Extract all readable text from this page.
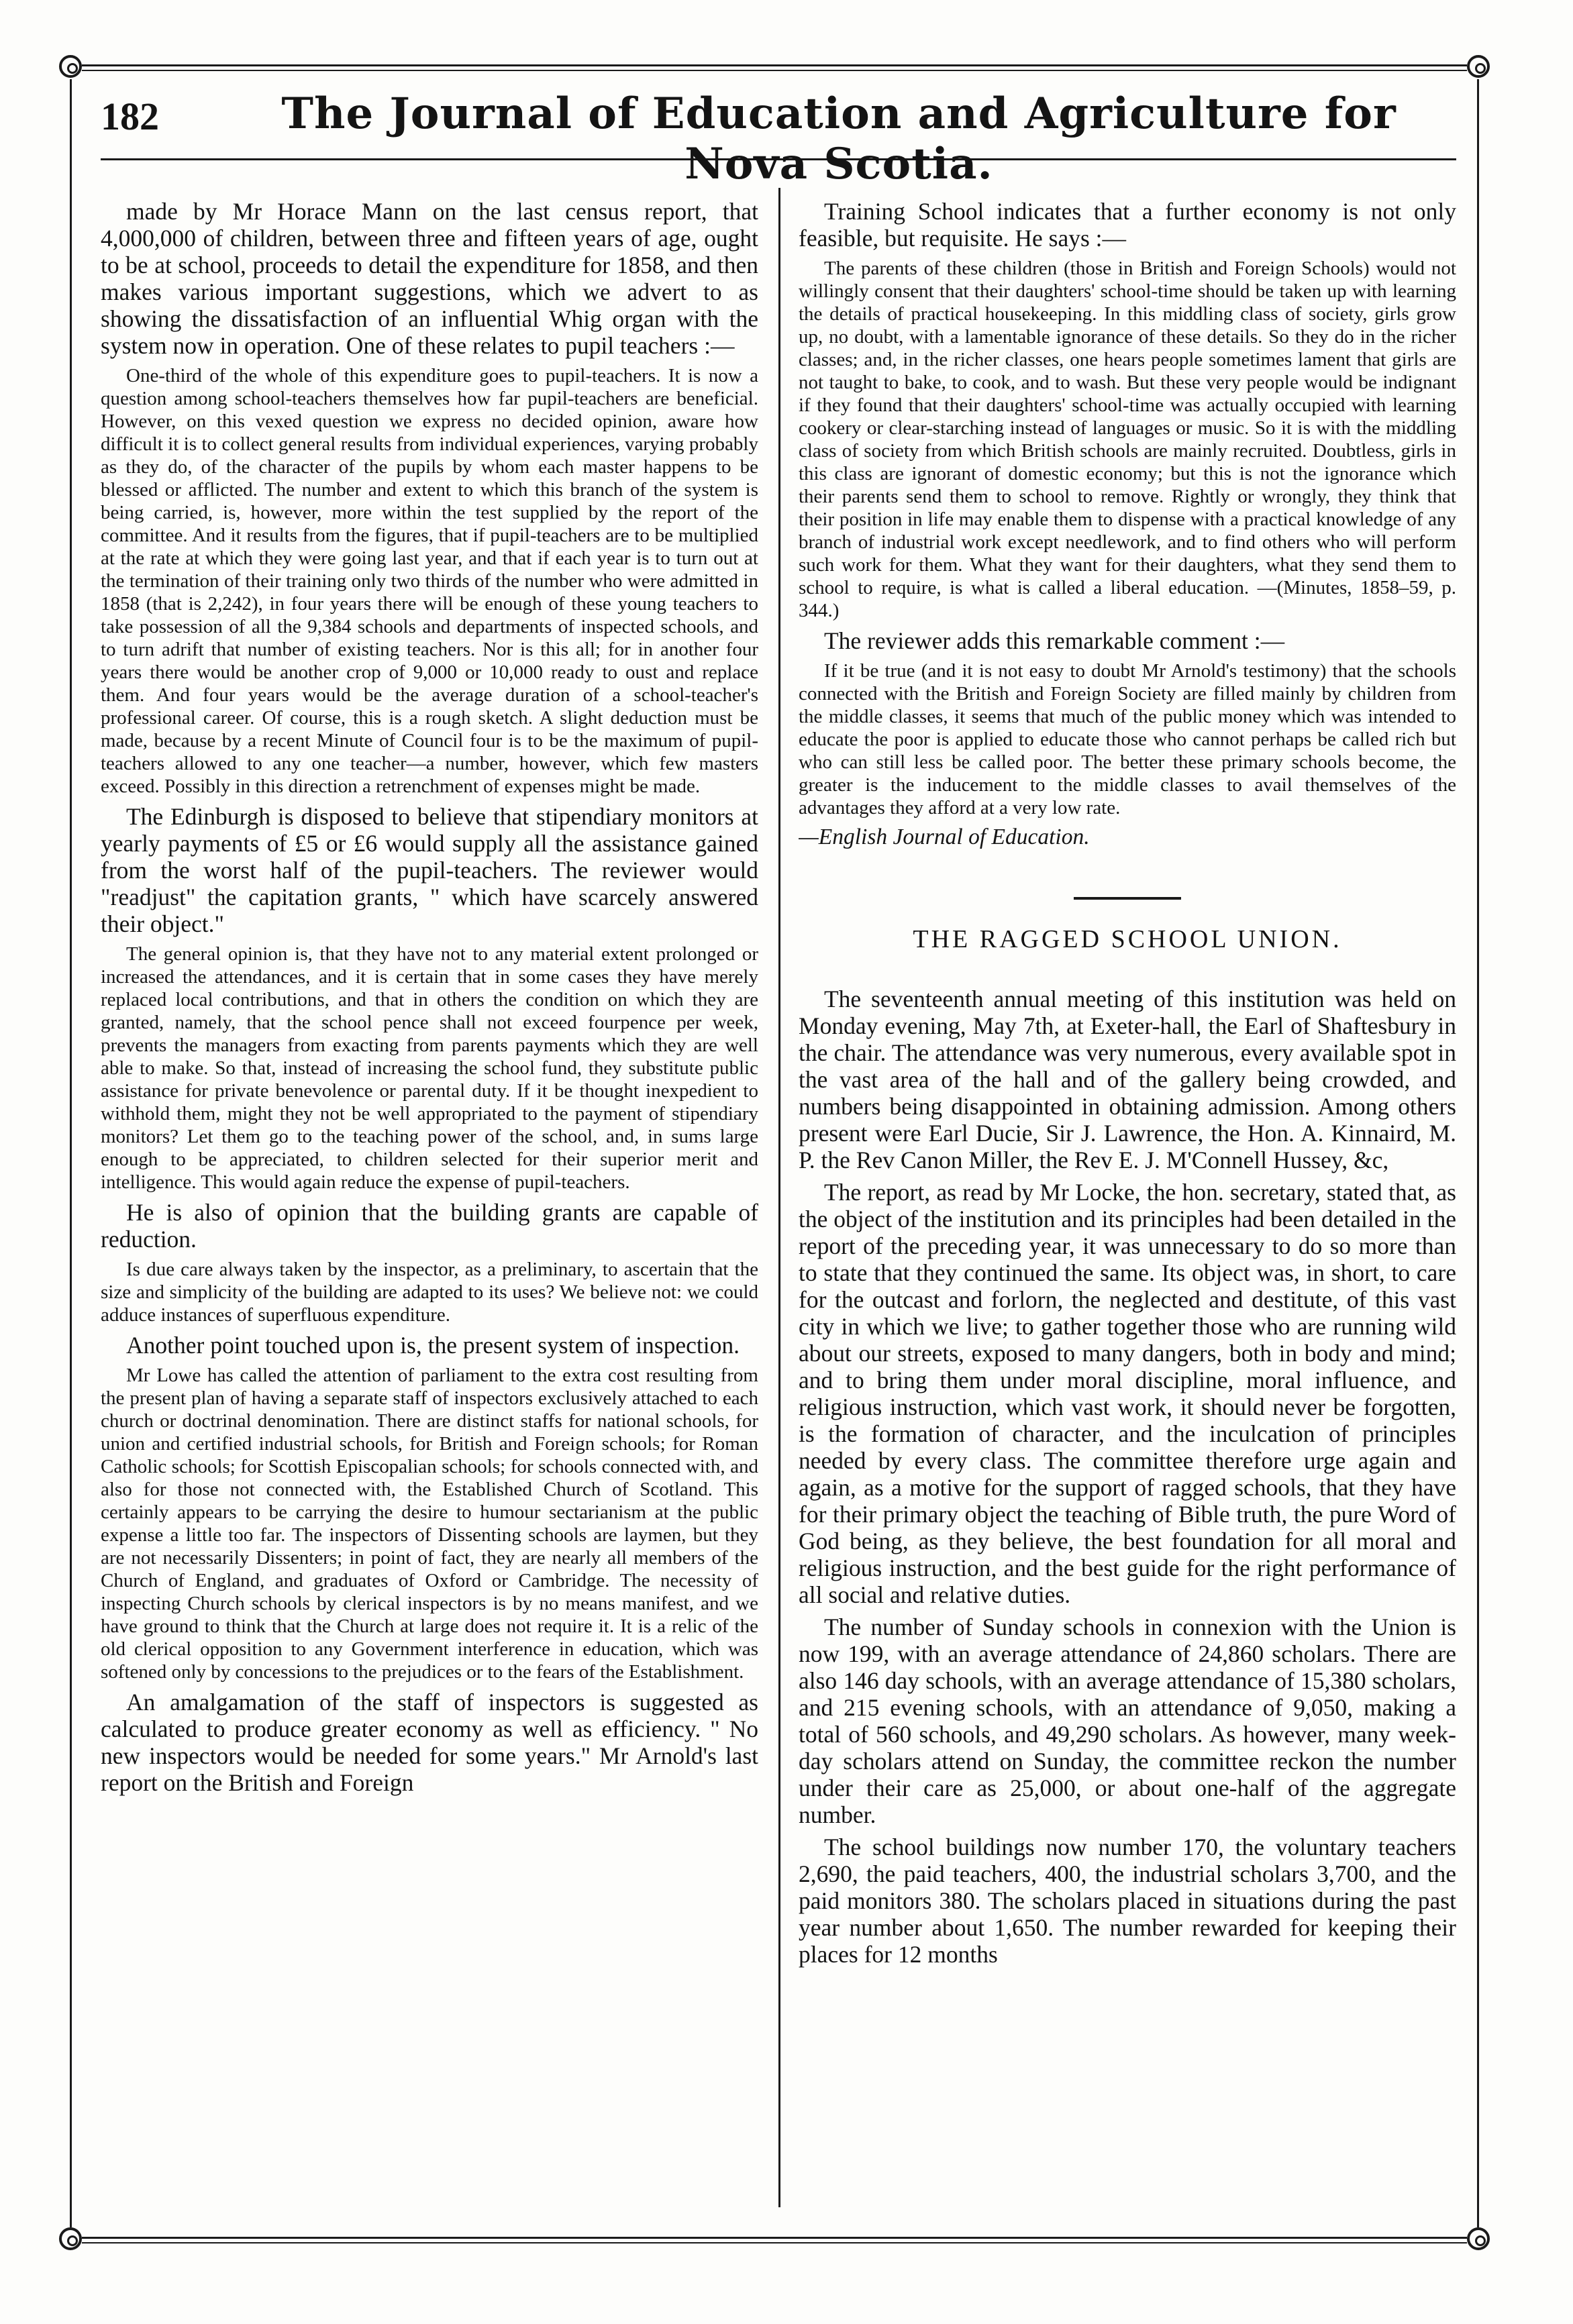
182	The Journal of Education and Agriculture for Nova Scotia.

made by Mr Horace Mann on the last census report, that 4,000,000 of children, between three and fifteen years of age, ought to be at school, proceeds to detail the expenditure for 1858, and then makes various important suggestions, which we advert to as showing the dissatisfaction of an influential Whig organ with the system now in operation. One of these relates to pupil teachers :—

One-third of the whole of this expenditure goes to pupil-teachers. It is now a question among school-teachers themselves how far pupil-teachers are beneficial. However, on this vexed question we express no decided opinion, aware how difficult it is to collect general results from individual experiences, varying probably as they do, of the character of the pupils by whom each master happens to be blessed or afflicted. The number and extent to which this branch of the system is being carried, is, however, more within the test supplied by the report of the committee. And it results from the figures, that if pupil-teachers are to be multiplied at the rate at which they were going last year, and that if each year is to turn out at the termination of their training only two thirds of the number who were admitted in 1858 (that is 2,242), in four years there will be enough of these young teachers to take possession of all the 9,384 schools and departments of inspected schools, and to turn adrift that number of existing teachers. Nor is this all; for in another four years there would be another crop of 9,000 or 10,000 ready to oust and replace them. And four years would be the average duration of a school-teacher's professional career. Of course, this is a rough sketch. A slight deduction must be made, because by a recent Minute of Council four is to be the maximum of pupil-teachers allowed to any one teacher—a number, however, which few masters exceed. Possibly in this direction a retrenchment of expenses might be made.

The Edinburgh is disposed to believe that stipendiary monitors at yearly payments of £5 or £6 would supply all the assistance gained from the worst half of the pupil-teachers. The reviewer would "readjust" the capitation grants, " which have scarcely answered their object."

The general opinion is, that they have not to any material extent prolonged or increased the attendances, and it is certain that in some cases they have merely replaced local contributions, and that in others the condition on which they are granted, namely, that the school pence shall not exceed fourpence per week, prevents the managers from exacting from parents payments which they are well able to make. So that, instead of increasing the school fund, they substitute public assistance for private benevolence or parental duty. If it be thought inexpedient to withhold them, might they not be well appropriated to the payment of stipendiary monitors? Let them go to the teaching power of the school, and, in sums large enough to be appreciated, to children selected for their superior merit and intelligence. This would again reduce the expense of pupil-teachers.

He is also of opinion that the building grants are capable of reduction.

Is due care always taken by the inspector, as a preliminary, to ascertain that the size and simplicity of the building are adapted to its uses? We believe not: we could adduce instances of superfluous expenditure.

Another point touched upon is, the present system of inspection.

Mr Lowe has called the attention of parliament to the extra cost resulting from the present plan of having a separate staff of inspectors exclusively attached to each church or doctrinal denomination. There are distinct staffs for national schools, for union and certified industrial schools, for British and Foreign schools; for Roman Catholic schools; for Scottish Episcopalian schools; for schools connected with, and also for those not connected with, the Established Church of Scotland. This certainly appears to be carrying the desire to humour sectarianism at the public expense a little too far. The inspectors of Dissenting schools are laymen, but they are not necessarily Dissenters; in point of fact, they are nearly all members of the Church of England, and graduates of Oxford or Cambridge. The necessity of inspecting Church schools by clerical inspectors is by no means manifest, and we have ground to think that the Church at large does not require it. It is a relic of the old clerical opposition to any Government interference in education, which was softened only by concessions to the prejudices or to the fears of the Establishment.

An amalgamation of the staff of inspectors is suggested as calculated to produce greater economy as well as efficiency. " No new inspectors would be needed for some years." Mr Arnold's last report on the British and Foreign

Training School indicates that a further economy is not only feasible, but requisite. He says :—

The parents of these children (those in British and Foreign Schools) would not willingly consent that their daughters' school-time should be taken up with learning the details of practical housekeeping. In this middling class of society, girls grow up, no doubt, with a lamentable ignorance of these details. So they do in the richer classes; and, in the richer classes, one hears people sometimes lament that girls are not taught to bake, to cook, and to wash. But these very people would be indignant if they found that their daughters' school-time was actually occupied with learning cookery or clear-starching instead of languages or music. So it is with the middling class of society from which British schools are mainly recruited. Doubtless, girls in this class are ignorant of domestic economy; but this is not the ignorance which their parents send them to school to remove. Rightly or wrongly, they think that their position in life may enable them to dispense with a practical knowledge of any branch of industrial work except needlework, and to find others who will perform such work for them. What they want for their daughters, what they send them to school to require, is what is called a liberal education. —(Minutes, 1858–59, p. 344.)

The reviewer adds this remarkable comment :—

If it be true (and it is not easy to doubt Mr Arnold's testimony) that the schools connected with the British and Foreign Society are filled mainly by children from the middle classes, it seems that much of the public money which was intended to educate the poor is applied to educate those who cannot perhaps be called rich but who can still less be called poor. The better these primary schools become, the greater is the inducement to the middle classes to avail themselves of the advantages they afford at a very low rate.

—English Journal of Education.

THE RAGGED SCHOOL UNION.

The seventeenth annual meeting of this institution was held on Monday evening, May 7th, at Exeter-hall, the Earl of Shaftesbury in the chair. The attendance was very numerous, every available spot in the vast area of the hall and of the gallery being crowded, and numbers being disappointed in obtaining admission. Among others present were Earl Ducie, Sir J. Lawrence, the Hon. A. Kinnaird, M. P. the Rev Canon Miller, the Rev E. J. M'Connell Hussey, &c,

The report, as read by Mr Locke, the hon. secretary, stated that, as the object of the institution and its principles had been detailed in the report of the preceding year, it was unnecessary to do so more than to state that they continued the same. Its object was, in short, to care for the outcast and forlorn, the neglected and destitute, of this vast city in which we live; to gather together those who are running wild about our streets, exposed to many dangers, both in body and mind; and to bring them under moral discipline, moral influence, and religious instruction, which vast work, it should never be forgotten, is the formation of character, and the inculcation of principles needed by every class. The committee therefore urge again and again, as a motive for the support of ragged schools, that they have for their primary object the teaching of Bible truth, the pure Word of God being, as they believe, the best foundation for all moral and religious instruction, and the best guide for the right performance of all social and relative duties.

The number of Sunday schools in connexion with the Union is now 199, with an average attendance of 24,860 scholars. There are also 146 day schools, with an average attendance of 15,380 scholars, and 215 evening schools, with an attendance of 9,050, making a total of 560 schools, and 49,290 scholars. As however, many week-day scholars attend on Sunday, the committee reckon the number under their care as 25,000, or about one-half of the aggregate number.

The school buildings now number 170, the voluntary teachers 2,690, the paid teachers, 400, the industrial scholars 3,700, and the paid monitors 380. The scholars placed in situations during the past year number about 1,650. The number rewarded for keeping their places for 12 months
